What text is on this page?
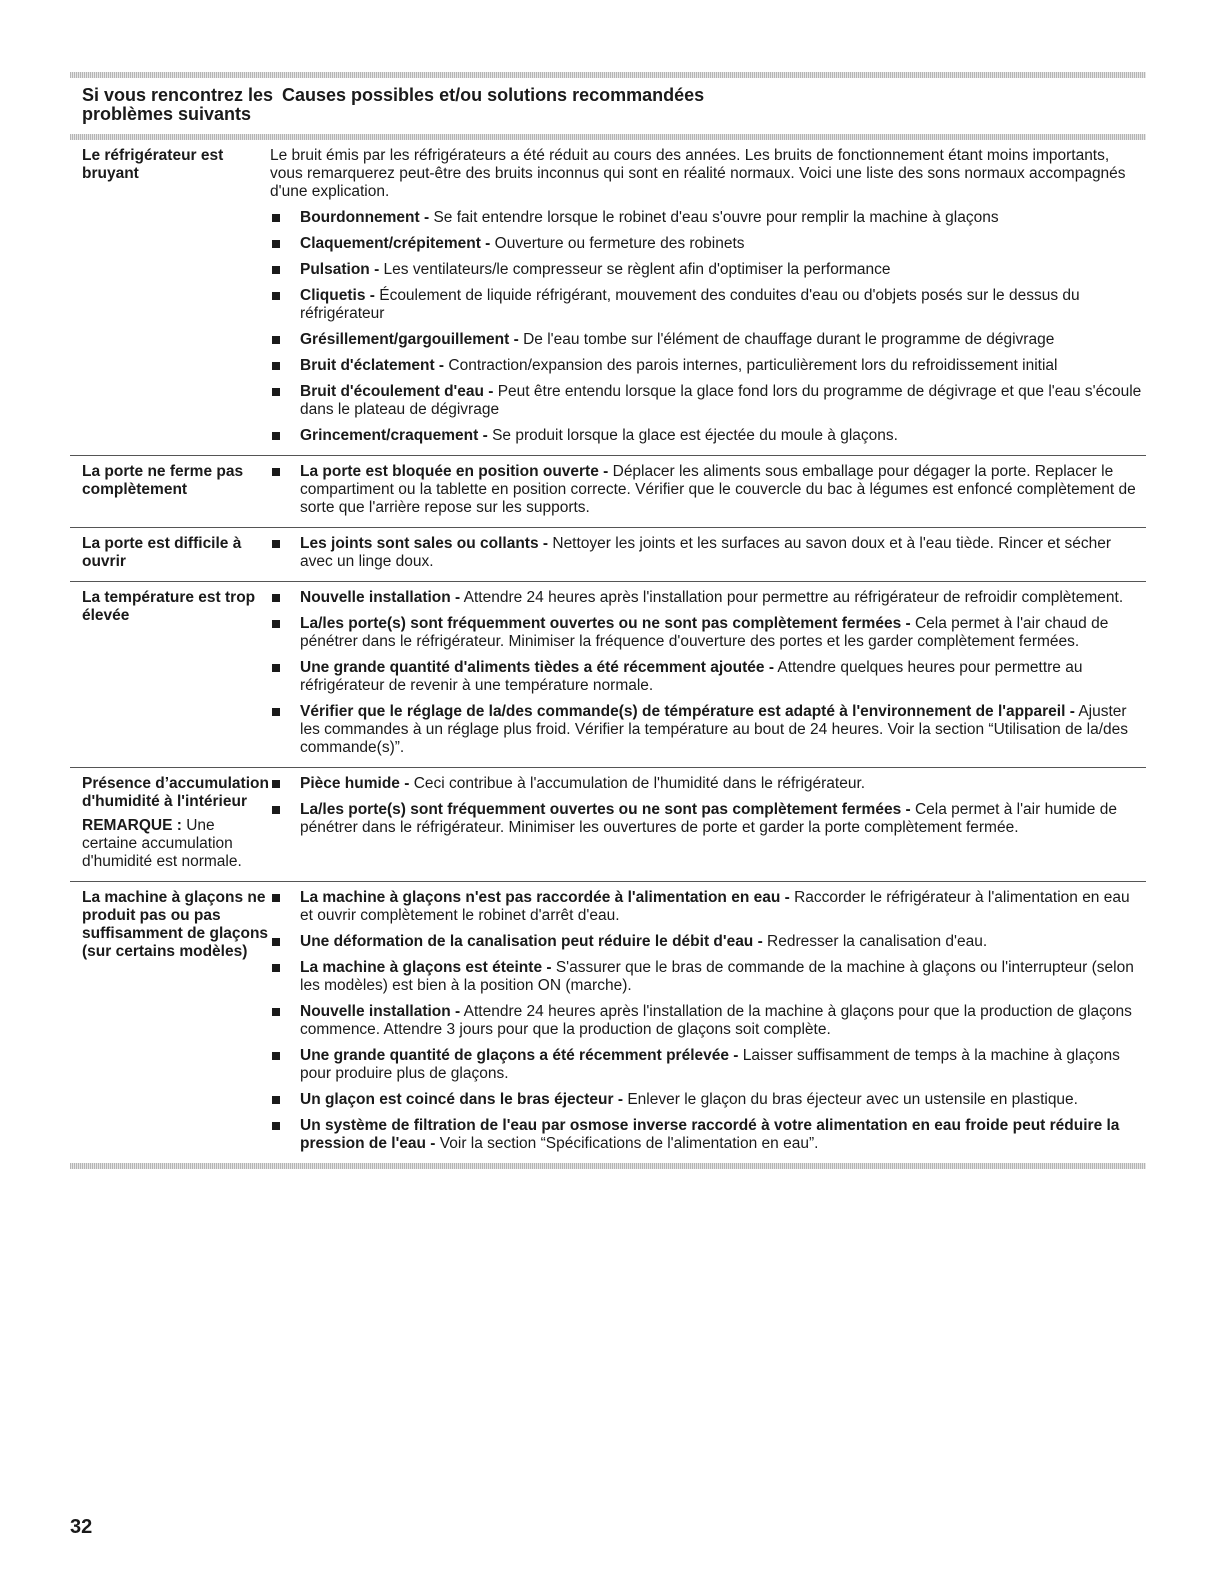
Si vous rencontrez les problèmes suivants
Causes possibles et/ou solutions recommandées
Le réfrigérateur est bruyant
Le bruit émis par les réfrigérateurs a été réduit au cours des années. Les bruits de fonctionnement étant moins importants, vous remarquerez peut-être des bruits inconnus qui sont en réalité normaux. Voici une liste des sons normaux accompagnés d'une explication.
Bourdonnement - Se fait entendre lorsque le robinet d'eau s'ouvre pour remplir la machine à glaçons
Claquement/crépitement - Ouverture ou fermeture des robinets
Pulsation - Les ventilateurs/le compresseur se règlent afin d'optimiser la performance
Cliquetis - Écoulement de liquide réfrigérant, mouvement des conduites d'eau ou d'objets posés sur le dessus du réfrigérateur
Grésillement/gargouillement - De l'eau tombe sur l'élément de chauffage durant le programme de dégivrage
Bruit d'éclatement - Contraction/expansion des parois internes, particulièrement lors du refroidissement initial
Bruit d'écoulement d'eau - Peut être entendu lorsque la glace fond lors du programme de dégivrage et que l'eau s'écoule dans le plateau de dégivrage
Grincement/craquement - Se produit lorsque la glace est éjectée du moule à glaçons.
La porte ne ferme pas complètement
La porte est bloquée en position ouverte - Déplacer les aliments sous emballage pour dégager la porte. Replacer le compartiment ou la tablette en position correcte. Vérifier que le couvercle du bac à légumes est enfoncé complètement de sorte que l'arrière repose sur les supports.
La porte est difficile à ouvrir
Les joints sont sales ou collants - Nettoyer les joints et les surfaces au savon doux et à l'eau tiède. Rincer et sécher avec un linge doux.
La température est trop élevée
Nouvelle installation - Attendre 24 heures après l'installation pour permettre au réfrigérateur de refroidir complètement.
La/les porte(s) sont fréquemment ouvertes ou ne sont pas complètement fermées - Cela permet à l'air chaud de pénétrer dans le réfrigérateur. Minimiser la fréquence d'ouverture des portes et les garder complètement fermées.
Une grande quantité d'aliments tièdes a été récemment ajoutée - Attendre quelques heures pour permettre au réfrigérateur de revenir à une température normale.
Vérifier que le réglage de la/des commande(s) de témpérature est adapté à l'environnement de l'appareil - Ajuster les commandes à un réglage plus froid. Vérifier la température au bout de 24 heures. Voir la section “Utilisation de la/des commande(s)”.
Présence d’accumulation d'humidité à l'intérieur
REMARQUE : Une certaine accumulation d'humidité est normale.
Pièce humide - Ceci contribue à l'accumulation de l'humidité dans le réfrigérateur.
La/les porte(s) sont fréquemment ouvertes ou ne sont pas complètement fermées - Cela permet à l'air humide de pénétrer dans le réfrigérateur. Minimiser les ouvertures de porte et garder la porte complètement fermée.
La machine à glaçons ne produit pas ou pas suffisamment de glaçons (sur certains modèles)
La machine à glaçons n'est pas raccordée à l'alimentation en eau - Raccorder le réfrigérateur à l'alimentation en eau et ouvrir complètement le robinet d'arrêt d'eau.
Une déformation de la canalisation peut réduire le débit d'eau - Redresser la canalisation d'eau.
La machine à glaçons est éteinte - S'assurer que le bras de commande de la machine à glaçons ou l'interrupteur (selon les modèles) est bien à la position ON (marche).
Nouvelle installation - Attendre 24 heures après l'installation de la machine à glaçons pour que la production de glaçons commence. Attendre 3 jours pour que la production de glaçons soit complète.
Une grande quantité de glaçons a été récemment prélevée - Laisser suffisamment de temps à la machine à glaçons pour produire plus de glaçons.
Un glaçon est coincé dans le bras éjecteur - Enlever le glaçon du bras éjecteur avec un ustensile en plastique.
Un système de filtration de l'eau par osmose inverse raccordé à votre alimentation en eau froide peut réduire la pression de l'eau - Voir la section “Spécifications de l'alimentation en eau”.
32
